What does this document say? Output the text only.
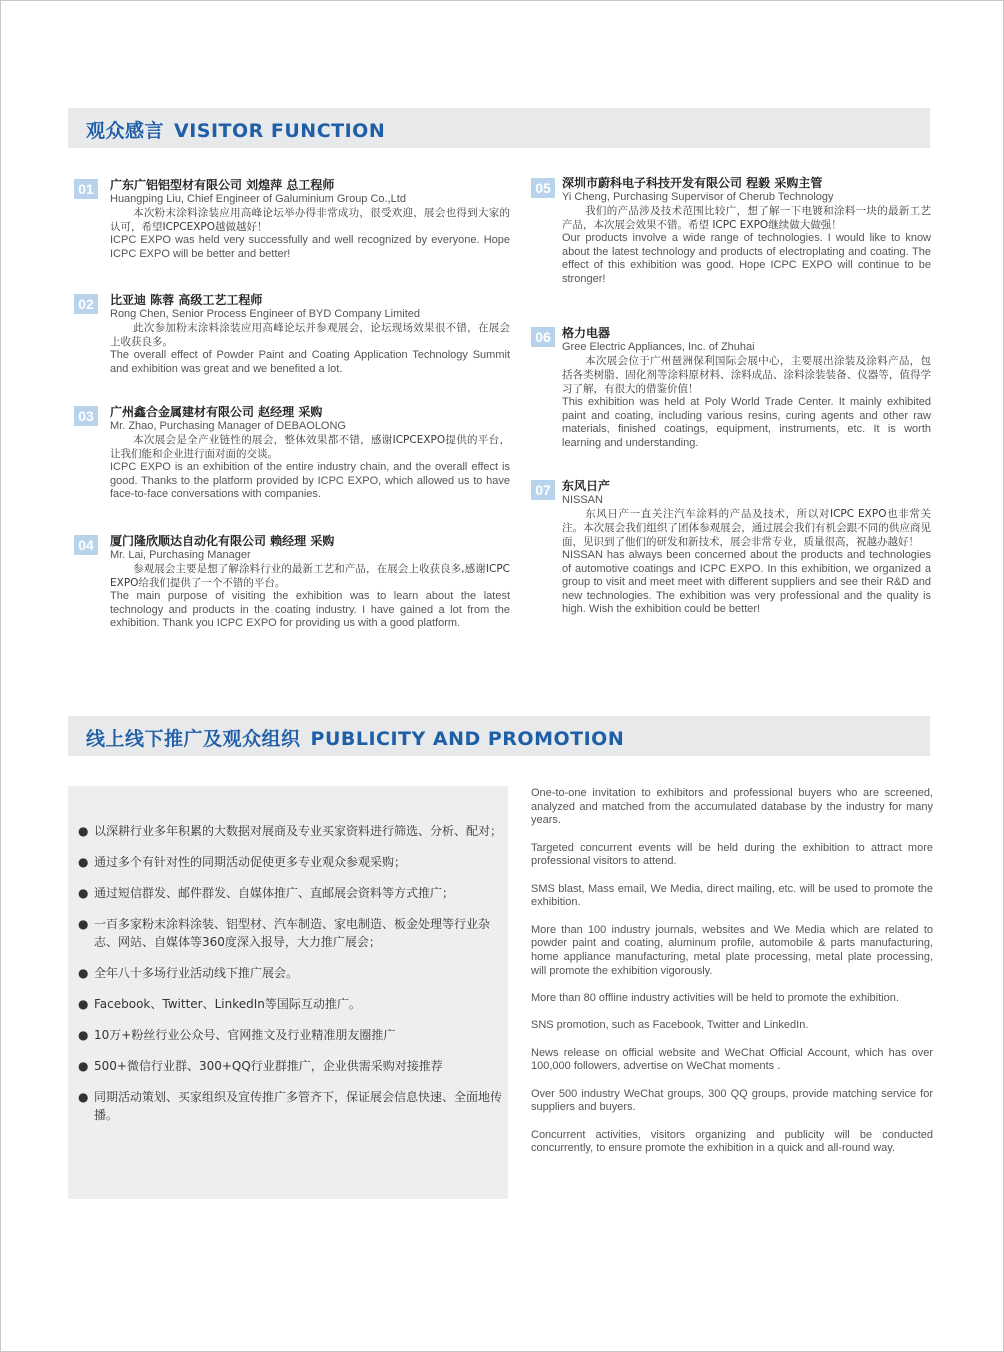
观众感言 VISITOR FUNCTION
01	广东广铝铝型材有限公司 刘煌萍 总工程师
Huangping Liu, Chief Engineer of Galuminium Group Co.,Ltd
本次粉末涂料涂装应用高峰论坛举办得非常成功，很受欢迎，展会也得到大家的认可，希望ICPCEXPO越做越好！
ICPC EXPO was held very successfully and well recognized by everyone. Hope ICPC EXPO will be better and better!
02	比亚迪 陈蓉 高级工艺工程师
Rong Chen, Senior Process Engineer of BYD Company Limited
此次参加粉末涂料涂装应用高峰论坛并参观展会，论坛现场效果很不错，在展会上收获良多。
The overall effect of Powder Paint and Coating Application Technology Summit and exhibition was great and we benefited a lot.
03	广州鑫合金属建材有限公司 赵经理 采购
Mr. Zhao, Purchasing Manager of DEBAOLONG
本次展会是全产业链性的展会，整体效果都不错，感谢ICPCEXPO提供的平台，让我们能和企业进行面对面的交谈。
ICPC EXPO is an exhibition of the entire industry chain, and the overall effect is good. Thanks to the platform provided by ICPC EXPO, which allowed us to have face-to-face conversations with companies.
04	厦门隆欣顺达自动化有限公司 赖经理 采购
Mr. Lai, Purchasing Manager
参观展会主要是想了解涂料行业的最新工艺和产品，在展会上收获良多,感谢ICPC EXPO给我们提供了一个不错的平台。
The main purpose of visiting the exhibition was to learn about the latest technology and products in the coating industry. I have gained a lot from the exhibition. Thank you ICPC EXPO for providing us with a good platform.
05 深圳市蔚科电子科技开发有限公司 程毅 采购主管
Yi Cheng, Purchasing Supervisor of Cherub Technology
我们的产品涉及技术范围比较广，想了解一下电镀和涂料一块的最新工艺产品，本次展会效果不错。希望 ICPC EXPO继续做大做强！
Our products involve a wide range of technologies. I would like to know about the latest technology and products of electroplating and coating. The effect of this exhibition was good. Hope ICPC EXPO will continue to be stronger!
06 格力电器
Gree Electric Appliances, Inc. of Zhuhai
本次展会位于广州琶洲保利国际会展中心，主要展出涂装及涂料产品，包括各类树脂、固化剂等涂料原材料、涂料成品、涂料涂装装备、仪器等，值得学习了解，有很大的借鉴价值！
This exhibition was held at Poly World Trade Center. It mainly exhibited paint and coating, including various resins, curing agents and other raw materials, finished coatings, equipment, instruments, etc. It is worth learning and understanding.
07 东风日产
NISSAN
东风日产一直关注汽车涂料的产品及技术，所以对ICPC EXPO也非常关注。本次展会我们组织了团体参观展会，通过展会我们有机会跟不同的供应商见面，见识到了他们的研发和新技术，展会非常专业，质量很高，祝越办越好！
NISSAN has always been concerned about the products and technologies of automotive coatings and ICPC EXPO. In this exhibition, we organized a group to visit and meet meet with different suppliers and see their R&D and new technologies. The exhibition was very professional and the quality is high. Wish the exhibition could be better!
线上线下推广及观众组织 PUBLICITY AND PROMOTION
● 以深耕行业多年积累的大数据对展商及专业买家资料进行筛选、分析、配对；
● 通过多个有针对性的同期活动促使更多专业观众参观采购；
● 通过短信群发、邮件群发、自媒体推广、直邮展会资料等方式推广；
● 一百多家粉末涂料涂装、铝型材、汽车制造、家电制造、板金处理等行业杂志、网站、自媒体等360度深入报导，大力推广展会；
● 全年八十多场行业活动线下推广展会。
● Facebook、Twitter、LinkedIn等国际互动推广。
● 10万+粉丝行业公众号、官网推文及行业精准朋友圈推广
● 500+微信行业群、300+QQ行业群推广，企业供需采购对接推荐
● 同期活动策划、买家组织及宣传推广多管齐下，保证展会信息快速、全面地传播。

One-to-one invitation to exhibitors and professional buyers who are screened, analyzed and matched from the accumulated database by the industry for many years.

Targeted concurrent events will be held during the exhibition to attract more professional visitors to attend.

SMS blast, Mass email, We Media, direct mailing, etc. will be used to promote the exhibition.

More than 100 industry journals, websites and We Media which are related to powder paint and coating, aluminum profile, automobile & parts manufacturing, home appliance manufacturing, metal plate processing, metal plate processing, will promote the exhibition vigorously.

More than 80 offline industry activities will be held to promote the exhibition.

SNS promotion, such as Facebook, Twitter and LinkedIn.

News release on official website and WeChat Official Account, which has over 100,000 followers, advertise on WeChat moments .

Over 500 industry WeChat groups, 300 QQ groups, provide matching service for suppliers and buyers.

Concurrent activities, visitors organizing and publicity will be conducted concurrently, to ensure promote the exhibition in a quick and all-round way.
